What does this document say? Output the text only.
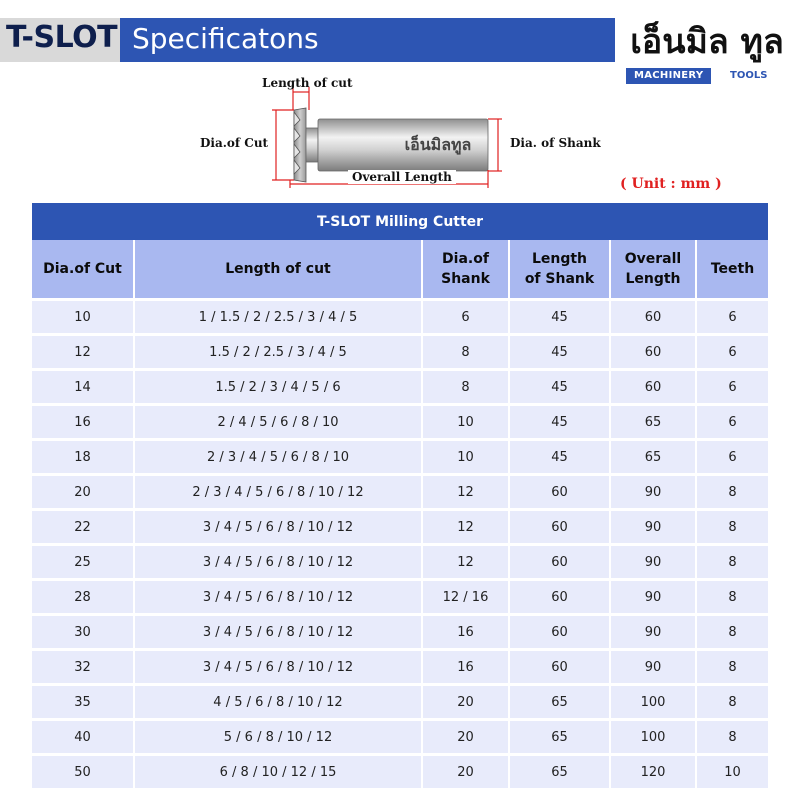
T-SLOT Specificatons	เอ็นมิล ทูล
MACHINERY	TOOLS
เอ็นมิลทูล
Length of cut
Dia.of Cut	Dia. of Shank
Overall Length	( Unit : mm )
T-SLOT Milling Cutter					
Dia.of Cut	Length of cut	Dia.of Shank	Length of Shank	Overall Length	Teeth
10	1 / 1.5 / 2 / 2.5 / 3 / 4 / 5	6	45	60	6
12	1.5 / 2 / 2.5 / 3 / 4 / 5	8	45	60	6
14	1.5 / 2 / 3 / 4 / 5 / 6	8	45	60	6
16	2 / 4 / 5 / 6 / 8 / 10	10	45	65	6
18	2 / 3 / 4 / 5 / 6 / 8 / 10	10	45	65	6
20	2 / 3 / 4 / 5 / 6 / 8 / 10 / 12	12	60	90	8
22	3 / 4 / 5 / 6 / 8 / 10 / 12	12	60	90	8
25	3 / 4 / 5 / 6 / 8 / 10 / 12	12	60	90	8
28	3 / 4 / 5 / 6 / 8 / 10 / 12	12 / 16	60	90	8
30	3 / 4 / 5 / 6 / 8 / 10 / 12	16	60	90	8
32	3 / 4 / 5 / 6 / 8 / 10 / 12	16	60	90	8
35	4 / 5 / 6 / 8 / 10 / 12	20	65	100	8
40	5 / 6 / 8 / 10 / 12	20	65	100	8
50	6 / 8 / 10 / 12 / 15	20	65	120	10
